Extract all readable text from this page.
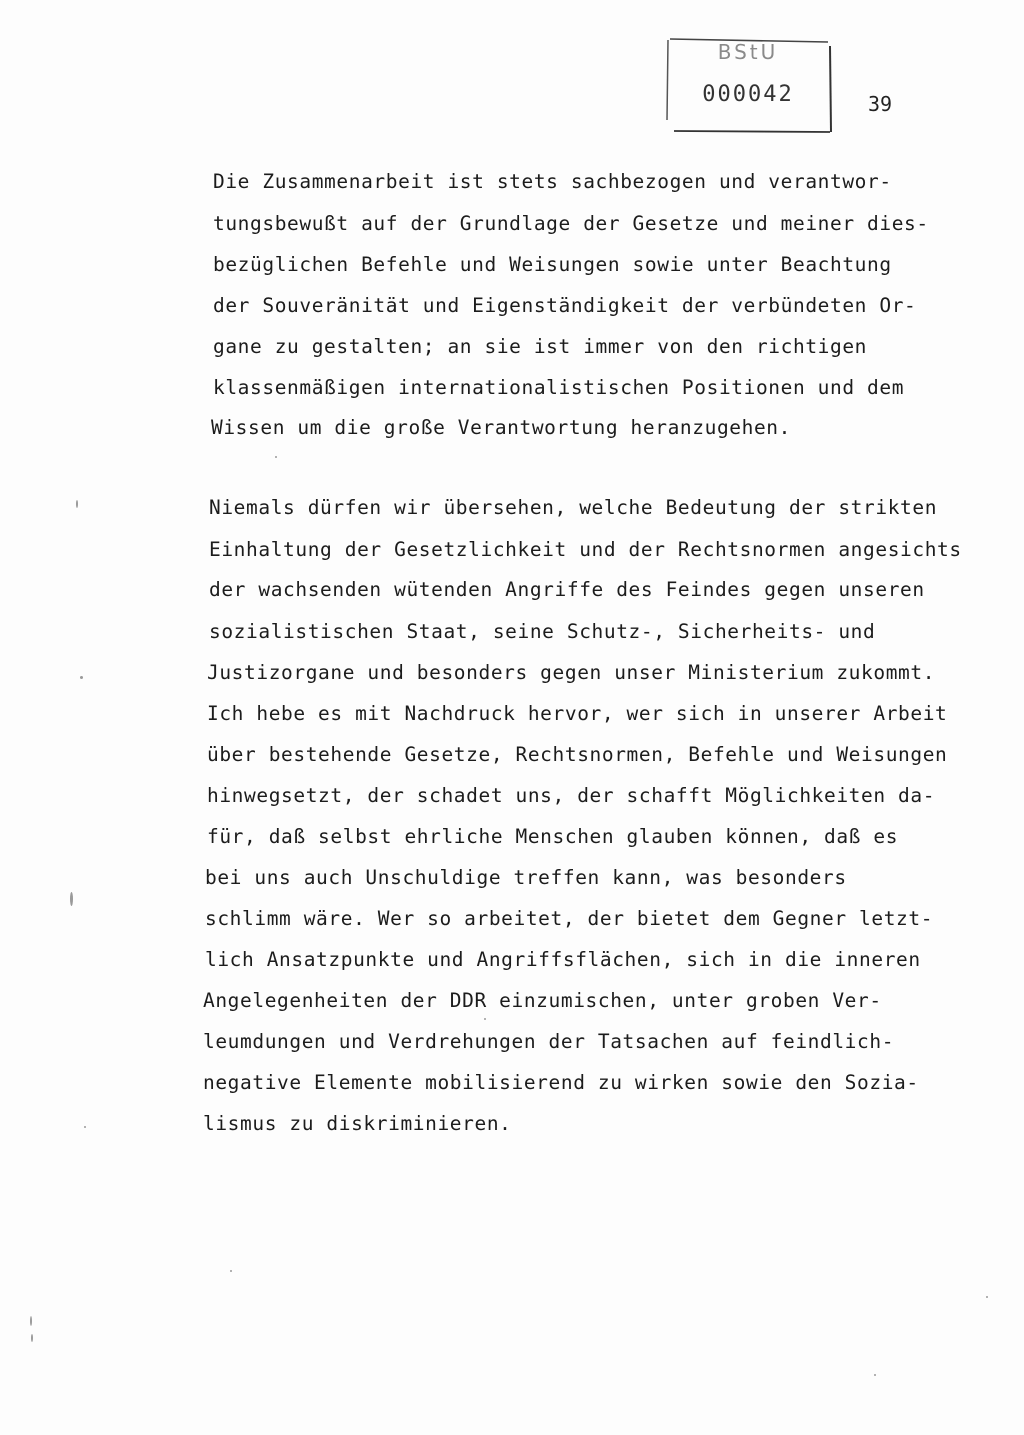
BStU
000042	39
Die Zusammenarbeit ist stets sachbezogen und verantwor-
tungsbewußt auf der Grundlage der Gesetze und meiner dies-
bezüglichen Befehle und Weisungen sowie unter Beachtung
der Souveränität und Eigenständigkeit der verbündeten Or-
gane zu gestalten; an sie ist immer von den richtigen
klassenmäßigen internationalistischen Positionen und dem
Wissen um die große Verantwortung heranzugehen.
Niemals dürfen wir übersehen, welche Bedeutung der strikten
Einhaltung der Gesetzlichkeit und der Rechtsnormen angesichts
der wachsenden wütenden Angriffe des Feindes gegen unseren
sozialistischen Staat, seine Schutz-, Sicherheits- und
Justizorgane und besonders gegen unser Ministerium zukommt.
Ich hebe es mit Nachdruck hervor, wer sich in unserer Arbeit
über bestehende Gesetze, Rechtsnormen, Befehle und Weisungen
hinwegsetzt, der schadet uns, der schafft Möglichkeiten da-
für, daß selbst ehrliche Menschen glauben können, daß es
bei uns auch Unschuldige treffen kann, was besonders
schlimm wäre. Wer so arbeitet, der bietet dem Gegner letzt-
lich Ansatzpunkte und Angriffsflächen, sich in die inneren
Angelegenheiten der DDR einzumischen, unter groben Ver-
leumdungen und Verdrehungen der Tatsachen auf feindlich-
negative Elemente mobilisierend zu wirken sowie den Sozia-
lismus zu diskriminieren.
